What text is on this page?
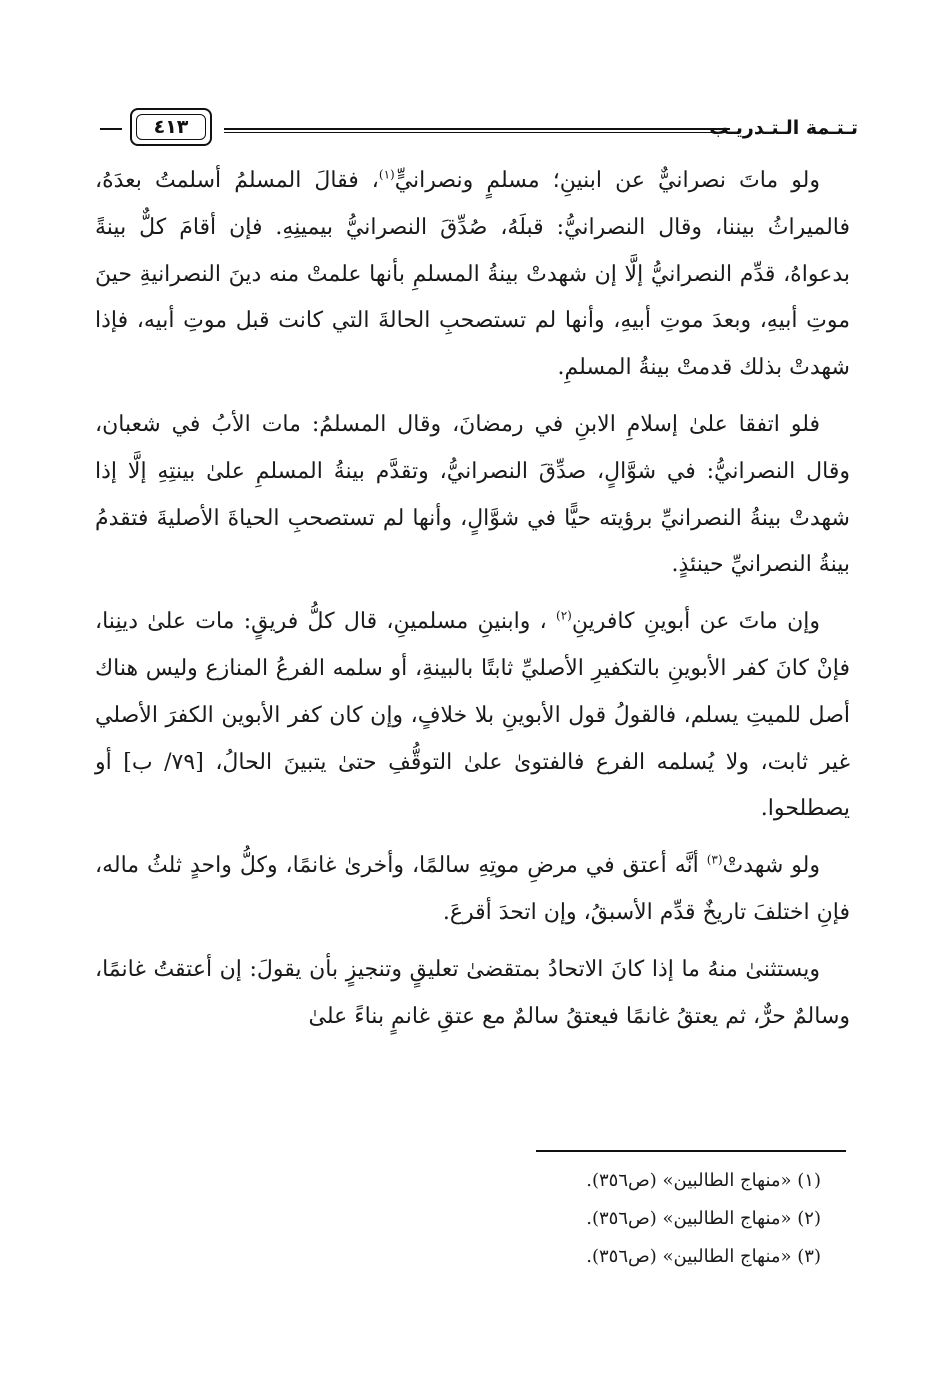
تـتـمة الـتـدريـب
٤١٣

ولو ماتَ نصرانيٌّ عن ابنينِ؛ مسلمٍ ونصرانيٍّ$^{(١)}$، فقالَ المسلمُ أسلمتُ بعدَهُ، فالميراثُ بيننا، وقال النصرانيُّ: قبلَهُ، صُدِّقَ النصرانيُّ بيمينِهِ. فإن أقامَ كلٌّ بينةً بدعواهُ، قدِّم النصرانيُّ إلَّا إن شهدتْ بينةُ المسلمِ بأنها علمتْ منه دينَ النصرانيةِ حينَ موتِ أبيهِ، وبعدَ موتِ أبيهِ، وأنها لم تستصحبِ الحالةَ التي كانت قبل موتِ أبيه، فإذا شهدتْ بذلك قدمتْ بينةُ المسلمِ.

فلو اتفقا علىٰ إسلامِ الابنِ في رمضانَ، وقال المسلمُ: مات الأبُ في شعبان، وقال النصرانيُّ: في شوَّالٍ، صدِّقَ النصرانيُّ، وتقدَّم بينةُ المسلمِ علىٰ بينتِهِ إلَّا إذا شهدتْ بينةُ النصرانيِّ برؤيته حيًّا في شوَّالٍ، وأنها لم تستصحبِ الحياةَ الأصليةَ فتقدمُ بينةُ النصرانيِّ حينئذٍ.

وإن ماتَ عن أبوينِ كافرينِ$^{(٢)}$ ، وابنينِ مسلمينِ، قال كلُّ فريقٍ: مات علىٰ دينِنا، فإنْ كانَ كفر الأبوينِ بالتكفيرِ الأصليِّ ثابتًا بالبينةِ، أو سلمه الفرعُ المنازع وليس هناك أصل للميتِ يسلم، فالقولُ قول الأبوينِ بلا خلافٍ، وإن كان كفر الأبوين الكفرَ الأصلي غير ثابت، ولا يُسلمه الفرع فالفتوىٰ علىٰ التوقُّفِ حتىٰ يتبينَ الحالُ، [٧٩/ ب] أو يصطلحوا.

ولو شهدتْ$^{(٣)}$ أنَّه أعتق في مرضِ موتِهِ سالمًا، وأخرىٰ غانمًا، وكلُّ واحدٍ ثلثُ ماله، فإنِ اختلفَ تاريخٌ قدِّم الأسبقُ، وإن اتحدَ أقرعَ.

ويستثنىٰ منهُ ما إذا كانَ الاتحادُ بمتقضىٰ تعليقٍ وتنجيزٍ بأن يقولَ: إن أعتقتُ غانمًا، وسالمٌ حرٌّ، ثم يعتقُ غانمًا فيعتقُ سالمٌ مع عتقِ غانمٍ بناءً علىٰ

(١) «منهاج الطالبين» (ص٣٥٦).

(٢) «منهاج الطالبين» (ص٣٥٦).

(٣) «منهاج الطالبين» (ص٣٥٦).
